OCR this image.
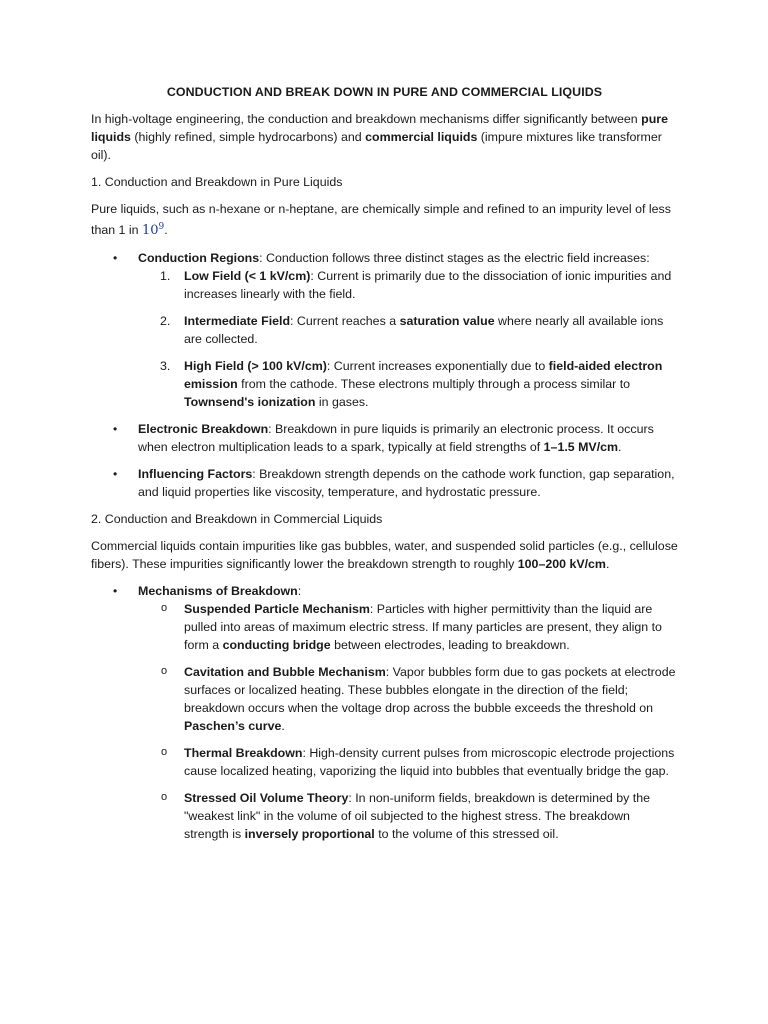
CONDUCTION AND BREAK DOWN IN PURE AND COMMERCIAL LIQUIDS

In high-voltage engineering, the conduction and breakdown mechanisms differ significantly between pure liquids (highly refined, simple hydrocarbons) and commercial liquids (impure mixtures like transformer oil).

1. Conduction and Breakdown in Pure Liquids

Pure liquids, such as n-hexane or n-heptane, are chemically simple and refined to an impurity level of less than 1 in $10^9$.

• Conduction Regions: Conduction follows three distinct stages as the electric field increases:
1. Low Field (< 1 kV/cm): Current is primarily due to the dissociation of ionic impurities and increases linearly with the field.
2. Intermediate Field: Current reaches a saturation value where nearly all available ions are collected.
3. High Field (> 100 kV/cm): Current increases exponentially due to field-aided electron emission from the cathode. These electrons multiply through a process similar to Townsend's ionization in gases.
• Electronic Breakdown: Breakdown in pure liquids is primarily an electronic process. It occurs when electron multiplication leads to a spark, typically at field strengths of 1–1.5 MV/cm.
• Influencing Factors: Breakdown strength depends on the cathode work function, gap separation, and liquid properties like viscosity, temperature, and hydrostatic pressure.

2. Conduction and Breakdown in Commercial Liquids

Commercial liquids contain impurities like gas bubbles, water, and suspended solid particles (e.g., cellulose fibers). These impurities significantly lower the breakdown strength to roughly 100–200 kV/cm.

• Mechanisms of Breakdown:
o Suspended Particle Mechanism: Particles with higher permittivity than the liquid are pulled into areas of maximum electric stress. If many particles are present, they align to form a conducting bridge between electrodes, leading to breakdown.
o Cavitation and Bubble Mechanism: Vapor bubbles form due to gas pockets at electrode surfaces or localized heating. These bubbles elongate in the direction of the field; breakdown occurs when the voltage drop across the bubble exceeds the threshold on Paschen’s curve.
o Thermal Breakdown: High-density current pulses from microscopic electrode projections cause localized heating, vaporizing the liquid into bubbles that eventually bridge the gap.
o Stressed Oil Volume Theory: In non-uniform fields, breakdown is determined by the "weakest link" in the volume of oil subjected to the highest stress. The breakdown strength is inversely proportional to the volume of this stressed oil.
